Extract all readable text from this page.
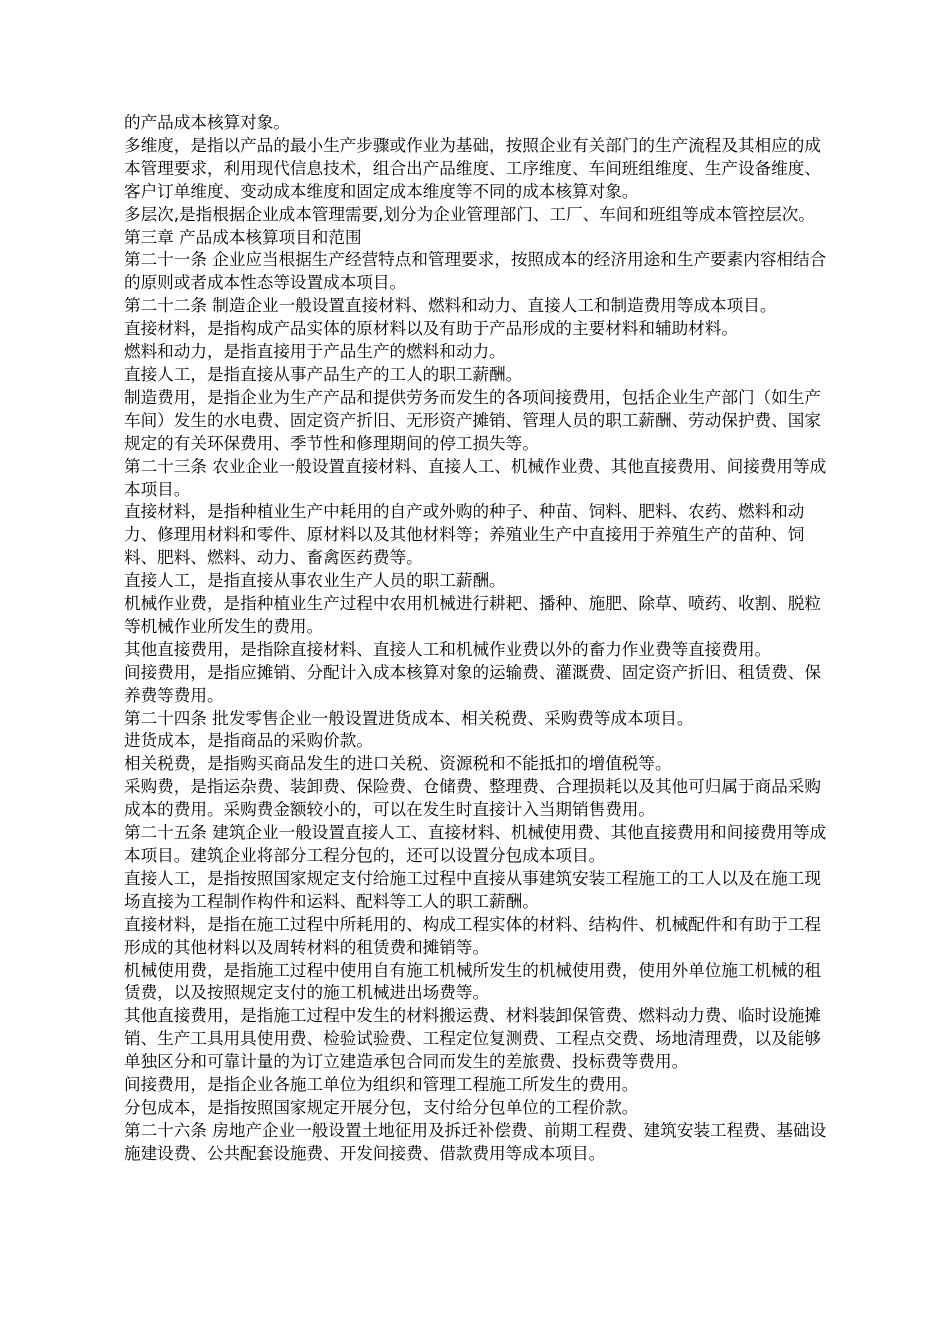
的产品成本核算对象。

多维度，是指以产品的最小生产步骤或作业为基础，按照企业有关部门的生产流程及其相应的成本管理要求，利用现代信息技术，组合出产品维度、工序维度、车间班组维度、生产设备维度、客户订单维度、变动成本维度和固定成本维度等不同的成本核算对象。

多层次,是指根据企业成本管理需要,划分为企业管理部门、工厂、车间和班组等成本管控层次。

第三章 产品成本核算项目和范围

第二十一条 企业应当根据生产经营特点和管理要求，按照成本的经济用途和生产要素内容相结合的原则或者成本性态等设置成本项目。

第二十二条 制造企业一般设置直接材料、燃料和动力、直接人工和制造费用等成本项目。

直接材料，是指构成产品实体的原材料以及有助于产品形成的主要材料和辅助材料。

燃料和动力，是指直接用于产品生产的燃料和动力。

直接人工，是指直接从事产品生产的工人的职工薪酬。

制造费用，是指企业为生产产品和提供劳务而发生的各项间接费用，包括企业生产部门（如生产车间）发生的水电费、固定资产折旧、无形资产摊销、管理人员的职工薪酬、劳动保护费、国家规定的有关环保费用、季节性和修理期间的停工损失等。

第二十三条 农业企业一般设置直接材料、直接人工、机械作业费、其他直接费用、间接费用等成本项目。

直接材料，是指种植业生产中耗用的自产或外购的种子、种苗、饲料、肥料、农药、燃料和动力、修理用材料和零件、原材料以及其他材料等；养殖业生产中直接用于养殖生产的苗种、饲料、肥料、燃料、动力、畜禽医药费等。

直接人工，是指直接从事农业生产人员的职工薪酬。

机械作业费，是指种植业生产过程中农用机械进行耕耙、播种、施肥、除草、喷药、收割、脱粒等机械作业所发生的费用。

其他直接费用，是指除直接材料、直接人工和机械作业费以外的畜力作业费等直接费用。

间接费用，是指应摊销、分配计入成本核算对象的运输费、灌溉费、固定资产折旧、租赁费、保养费等费用。

第二十四条 批发零售企业一般设置进货成本、相关税费、采购费等成本项目。

进货成本，是指商品的采购价款。

相关税费，是指购买商品发生的进口关税、资源税和不能抵扣的增值税等。

采购费，是指运杂费、装卸费、保险费、仓储费、整理费、合理损耗以及其他可归属于商品采购成本的费用。采购费金额较小的，可以在发生时直接计入当期销售费用。

第二十五条 建筑企业一般设置直接人工、直接材料、机械使用费、其他直接费用和间接费用等成本项目。建筑企业将部分工程分包的，还可以设置分包成本项目。

直接人工，是指按照国家规定支付给施工过程中直接从事建筑安装工程施工的工人以及在施工现场直接为工程制作构件和运料、配料等工人的职工薪酬。

直接材料，是指在施工过程中所耗用的、构成工程实体的材料、结构件、机械配件和有助于工程形成的其他材料以及周转材料的租赁费和摊销等。

机械使用费，是指施工过程中使用自有施工机械所发生的机械使用费，使用外单位施工机械的租赁费，以及按照规定支付的施工机械进出场费等。

其他直接费用，是指施工过程中发生的材料搬运费、材料装卸保管费、燃料动力费、临时设施摊销、生产工具用具使用费、检验试验费、工程定位复测费、工程点交费、场地清理费，以及能够单独区分和可靠计量的为订立建造承包合同而发生的差旅费、投标费等费用。

间接费用，是指企业各施工单位为组织和管理工程施工所发生的费用。

分包成本，是指按照国家规定开展分包，支付给分包单位的工程价款。

第二十六条 房地产企业一般设置土地征用及拆迁补偿费、前期工程费、建筑安装工程费、基础设施建设费、公共配套设施费、开发间接费、借款费用等成本项目。
